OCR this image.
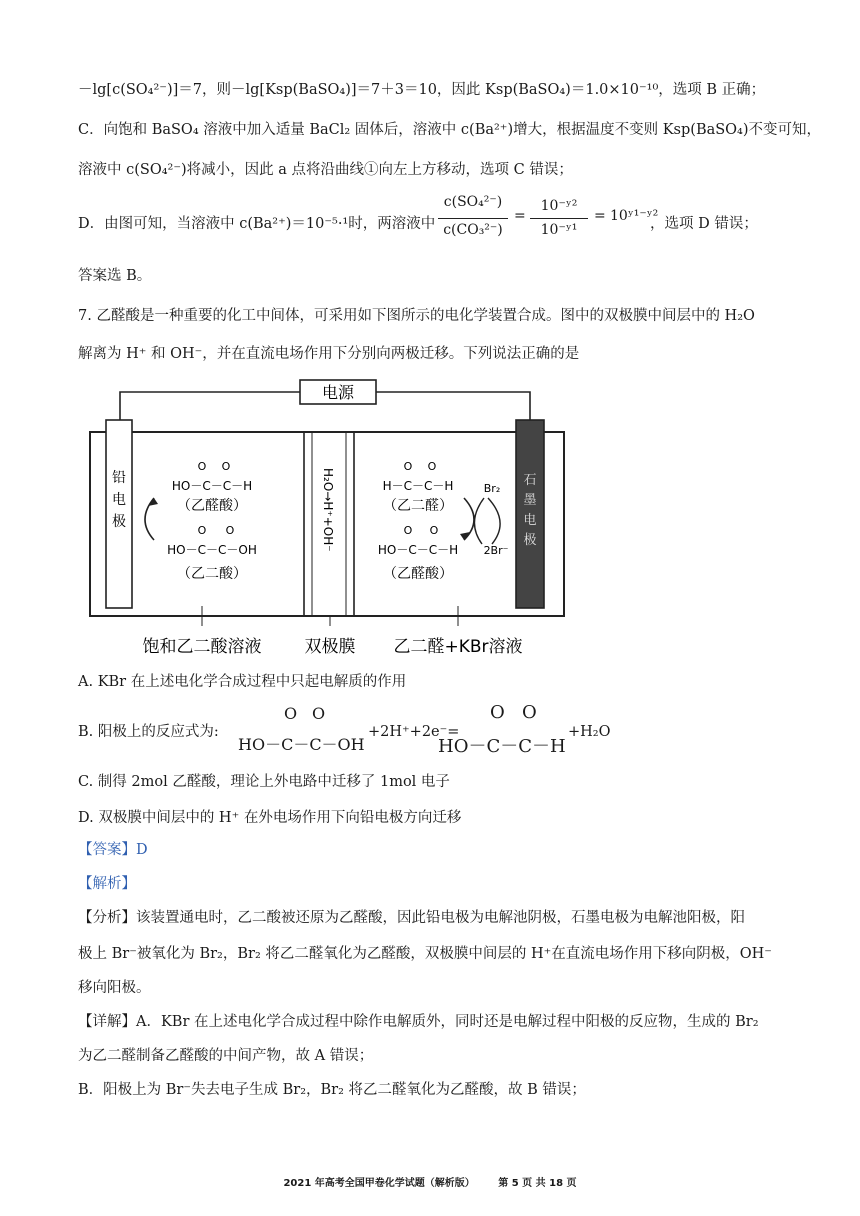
－lg[c(SO₄²⁻)]＝7，则－lg[Ksp(BaSO₄)]＝7＋3＝10，因此 Ksp(BaSO₄)＝1.0×10⁻¹⁰，选项 B 正确；
C．向饱和 BaSO₄ 溶液中加入适量 BaCl₂ 固体后，溶液中 c(Ba²⁺)增大，根据温度不变则 Ksp(BaSO₄)不变可知，
溶液中 c(SO₄²⁻)将减小，因此 a 点将沿曲线①向左上方移动，选项 C 错误；
D．由图可知，当溶液中 c(Ba²⁺)＝10⁻⁵·¹时，两溶液中
c(SO₄²⁻)
c(CO₃²⁻)
=
10⁻ʸ²
10⁻ʸ¹
= 10ʸ¹⁻ʸ²
，选项 D 错误；
答案选 B。
7. 乙醛酸是一种重要的化工中间体，可采用如下图所示的电化学装置合成。图中的双极膜中间层中的 H₂O
解离为 H⁺ 和 OH⁻，并在直流电场作用下分别向两极迁移。下列说法正确的是
电源
铅
电
极
石
墨
电
极
H₂O→H⁺+OH⁻
O O
HO－C－C－H
（乙醛酸）
O O
HO－C－C－OH
（乙二酸）
O O
H－C－C－H
（乙二醛）
O O
HO－C－C－H
（乙醛酸）
Br₂
2Br⁻
饱和乙二酸溶液	双极膜 乙二醛+KBr溶液
A. KBr 在上述电化学合成过程中只起电解质的作用
B. 阳极上的反应式为:
O O
HO－C－C－OH
+2H⁺+2e⁻=
O O
HO－C－C－H
+H₂O
C. 制得 2mol 乙醛酸，理论上外电路中迁移了 1mol 电子
D. 双极膜中间层中的 H⁺ 在外电场作用下向铅电极方向迁移
【答案】D
【解析】
【分析】该装置通电时，乙二酸被还原为乙醛酸，因此铅电极为电解池阴极，石墨电极为电解池阳极，阳
极上 Br⁻被氧化为 Br₂，Br₂ 将乙二醛氧化为乙醛酸，双极膜中间层的 H⁺在直流电场作用下移向阴极，OH⁻
移向阳极。
【详解】A．KBr 在上述电化学合成过程中除作电解质外，同时还是电解过程中阳极的反应物，生成的 Br₂
为乙二醛制备乙醛酸的中间产物，故 A 错误；
B．阳极上为 Br⁻失去电子生成 Br₂，Br₂ 将乙二醛氧化为乙醛酸，故 B 错误；
2021 年高考全国甲卷化学试题（解析版） 第 5 页 共 18 页
